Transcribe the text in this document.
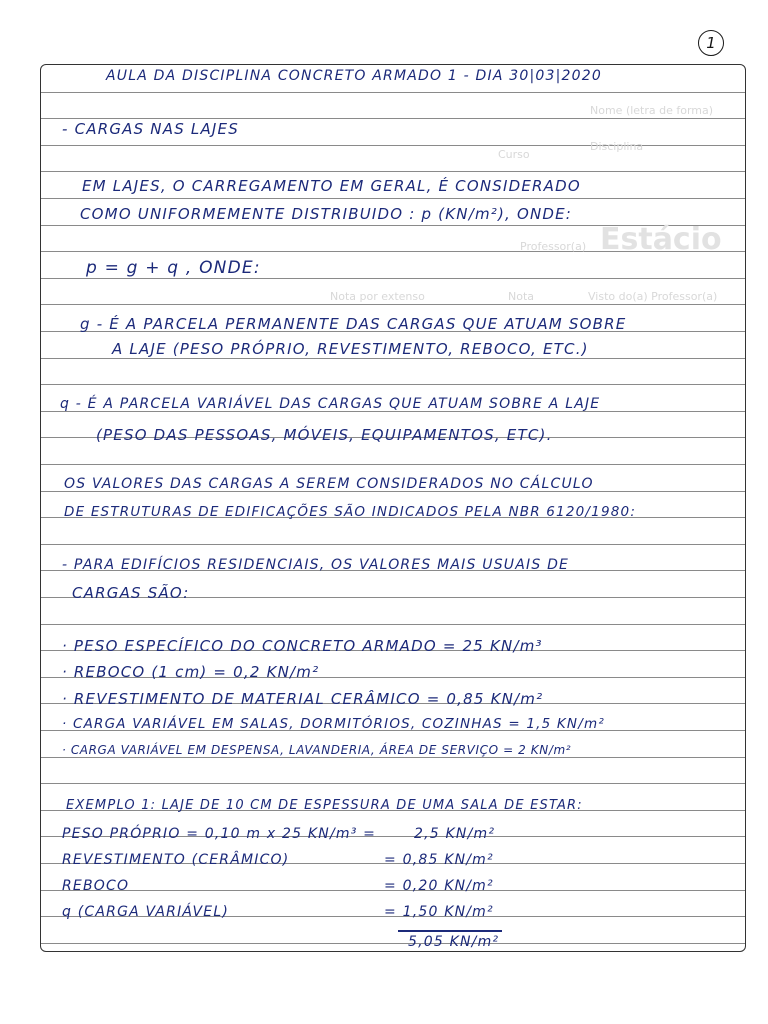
1
Estácio
Nome (letra de forma)
Disciplina
Professor(a)
Nota
Nota por extenso	Visto do(a) Professor(a)
Curso
AULA DA DISCIPLINA CONCRETO ARMADO 1 - DIA 30|03|2020
- CARGAS NAS LAJES
EM LAJES, O CARREGAMENTO EM GERAL, É CONSIDERADO
COMO UNIFORMEMENTE DISTRIBUIDO : p (KN/m²), ONDE:
p = g + q , ONDE:
g - É A PARCELA PERMANENTE DAS CARGAS QUE ATUAM SOBRE
A LAJE (PESO PRÓPRIO, REVESTIMENTO, REBOCO, ETC.)
q - É A PARCELA VARIÁVEL DAS CARGAS QUE ATUAM SOBRE A LAJE
(PESO DAS PESSOAS, MÓVEIS, EQUIPAMENTOS, ETC).
OS VALORES DAS CARGAS A SEREM CONSIDERADOS NO CÁLCULO
DE ESTRUTURAS DE EDIFICAÇÕES SÃO INDICADOS PELA NBR 6120/1980:
- PARA EDIFÍCIOS RESIDENCIAIS, OS VALORES MAIS USUAIS DE
CARGAS SÃO:
· PESO ESPECÍFICO DO CONCRETO ARMADO = 25 KN/m³
· REBOCO (1 cm) = 0,2 KN/m²
· REVESTIMENTO DE MATERIAL CERÂMICO = 0,85 KN/m²
· CARGA VARIÁVEL EM SALAS, DORMITÓRIOS, COZINHAS = 1,5 KN/m²
· CARGA VARIÁVEL EM DESPENSA, LAVANDERIA, ÁREA DE SERVIÇO = 2 KN/m²
EXEMPLO 1: LAJE DE 10 CM DE ESPESSURA DE UMA SALA DE ESTAR:
PESO PRÓPRIO = 0,10 m x 25 KN/m³ =	2,5 KN/m²
REVESTIMENTO (CERÂMICO)	= 0,85 KN/m²
REBOCO	= 0,20 KN/m²
q (CARGA VARIÁVEL)	= 1,50 KN/m²
5,05 KN/m²
